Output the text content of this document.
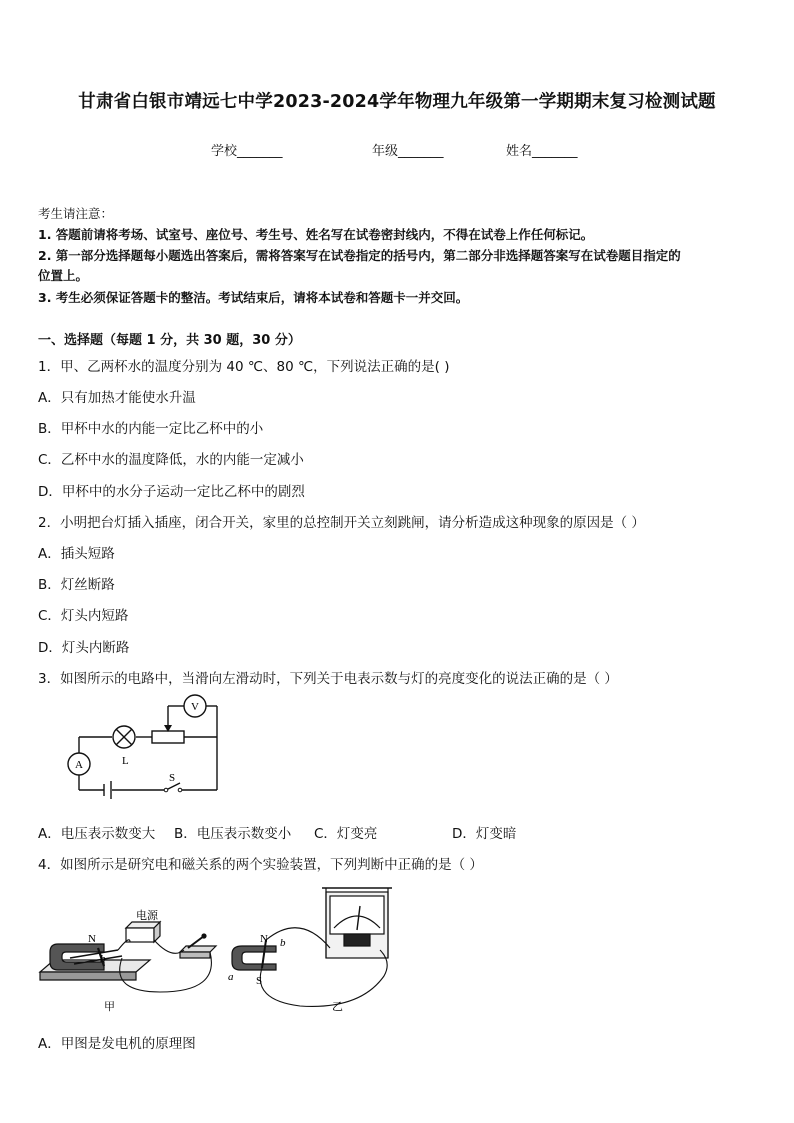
甘肃省白银市靖远七中学2023-2024学年物理九年级第一学期期末复习检测试题
学校_______	年级_______	姓名_______
考生请注意：
1. 答题前请将考场、试室号、座位号、考生号、姓名写在试卷密封线内，不得在试卷上作任何标记。
2. 第一部分选择题每小题选出答案后，需将答案写在试卷指定的括号内，第二部分非选择题答案写在试卷题目指定的
位置上。
3. 考生必须保证答题卡的整洁。考试结束后，请将本试卷和答题卡一并交回。
一、选择题（每题 1 分，共 30 题，30 分）
1．甲、乙两杯水的温度分别为 40 ℃、80 ℃，下列说法正确的是( )
A．只有加热才能使水升温
B．甲杯中水的内能一定比乙杯中的小
C．乙杯中水的温度降低，水的内能一定减小
D．甲杯中的水分子运动一定比乙杯中的剧烈
2．小明把台灯插入插座，闭合开关，家里的总控制开关立刻跳闸，请分析造成这种现象的原因是（ ）
A．插头短路
B．灯丝断路
C．灯头内短路
D．灯头内断路
3．如图所示的电路中，当滑向左滑动时，下列关于电表示数与灯的亮度变化的说法正确的是（ ）
V
A	L
S
A．电压表示数变大 B．电压表示数变小 C．灯变亮	D．灯变暗
4．如图所示是研究电和磁关系的两个实验装置，下列判断中正确的是（ ）
N
b
电源
甲
N b
S
a
乙
A．甲图是发电机的原理图
